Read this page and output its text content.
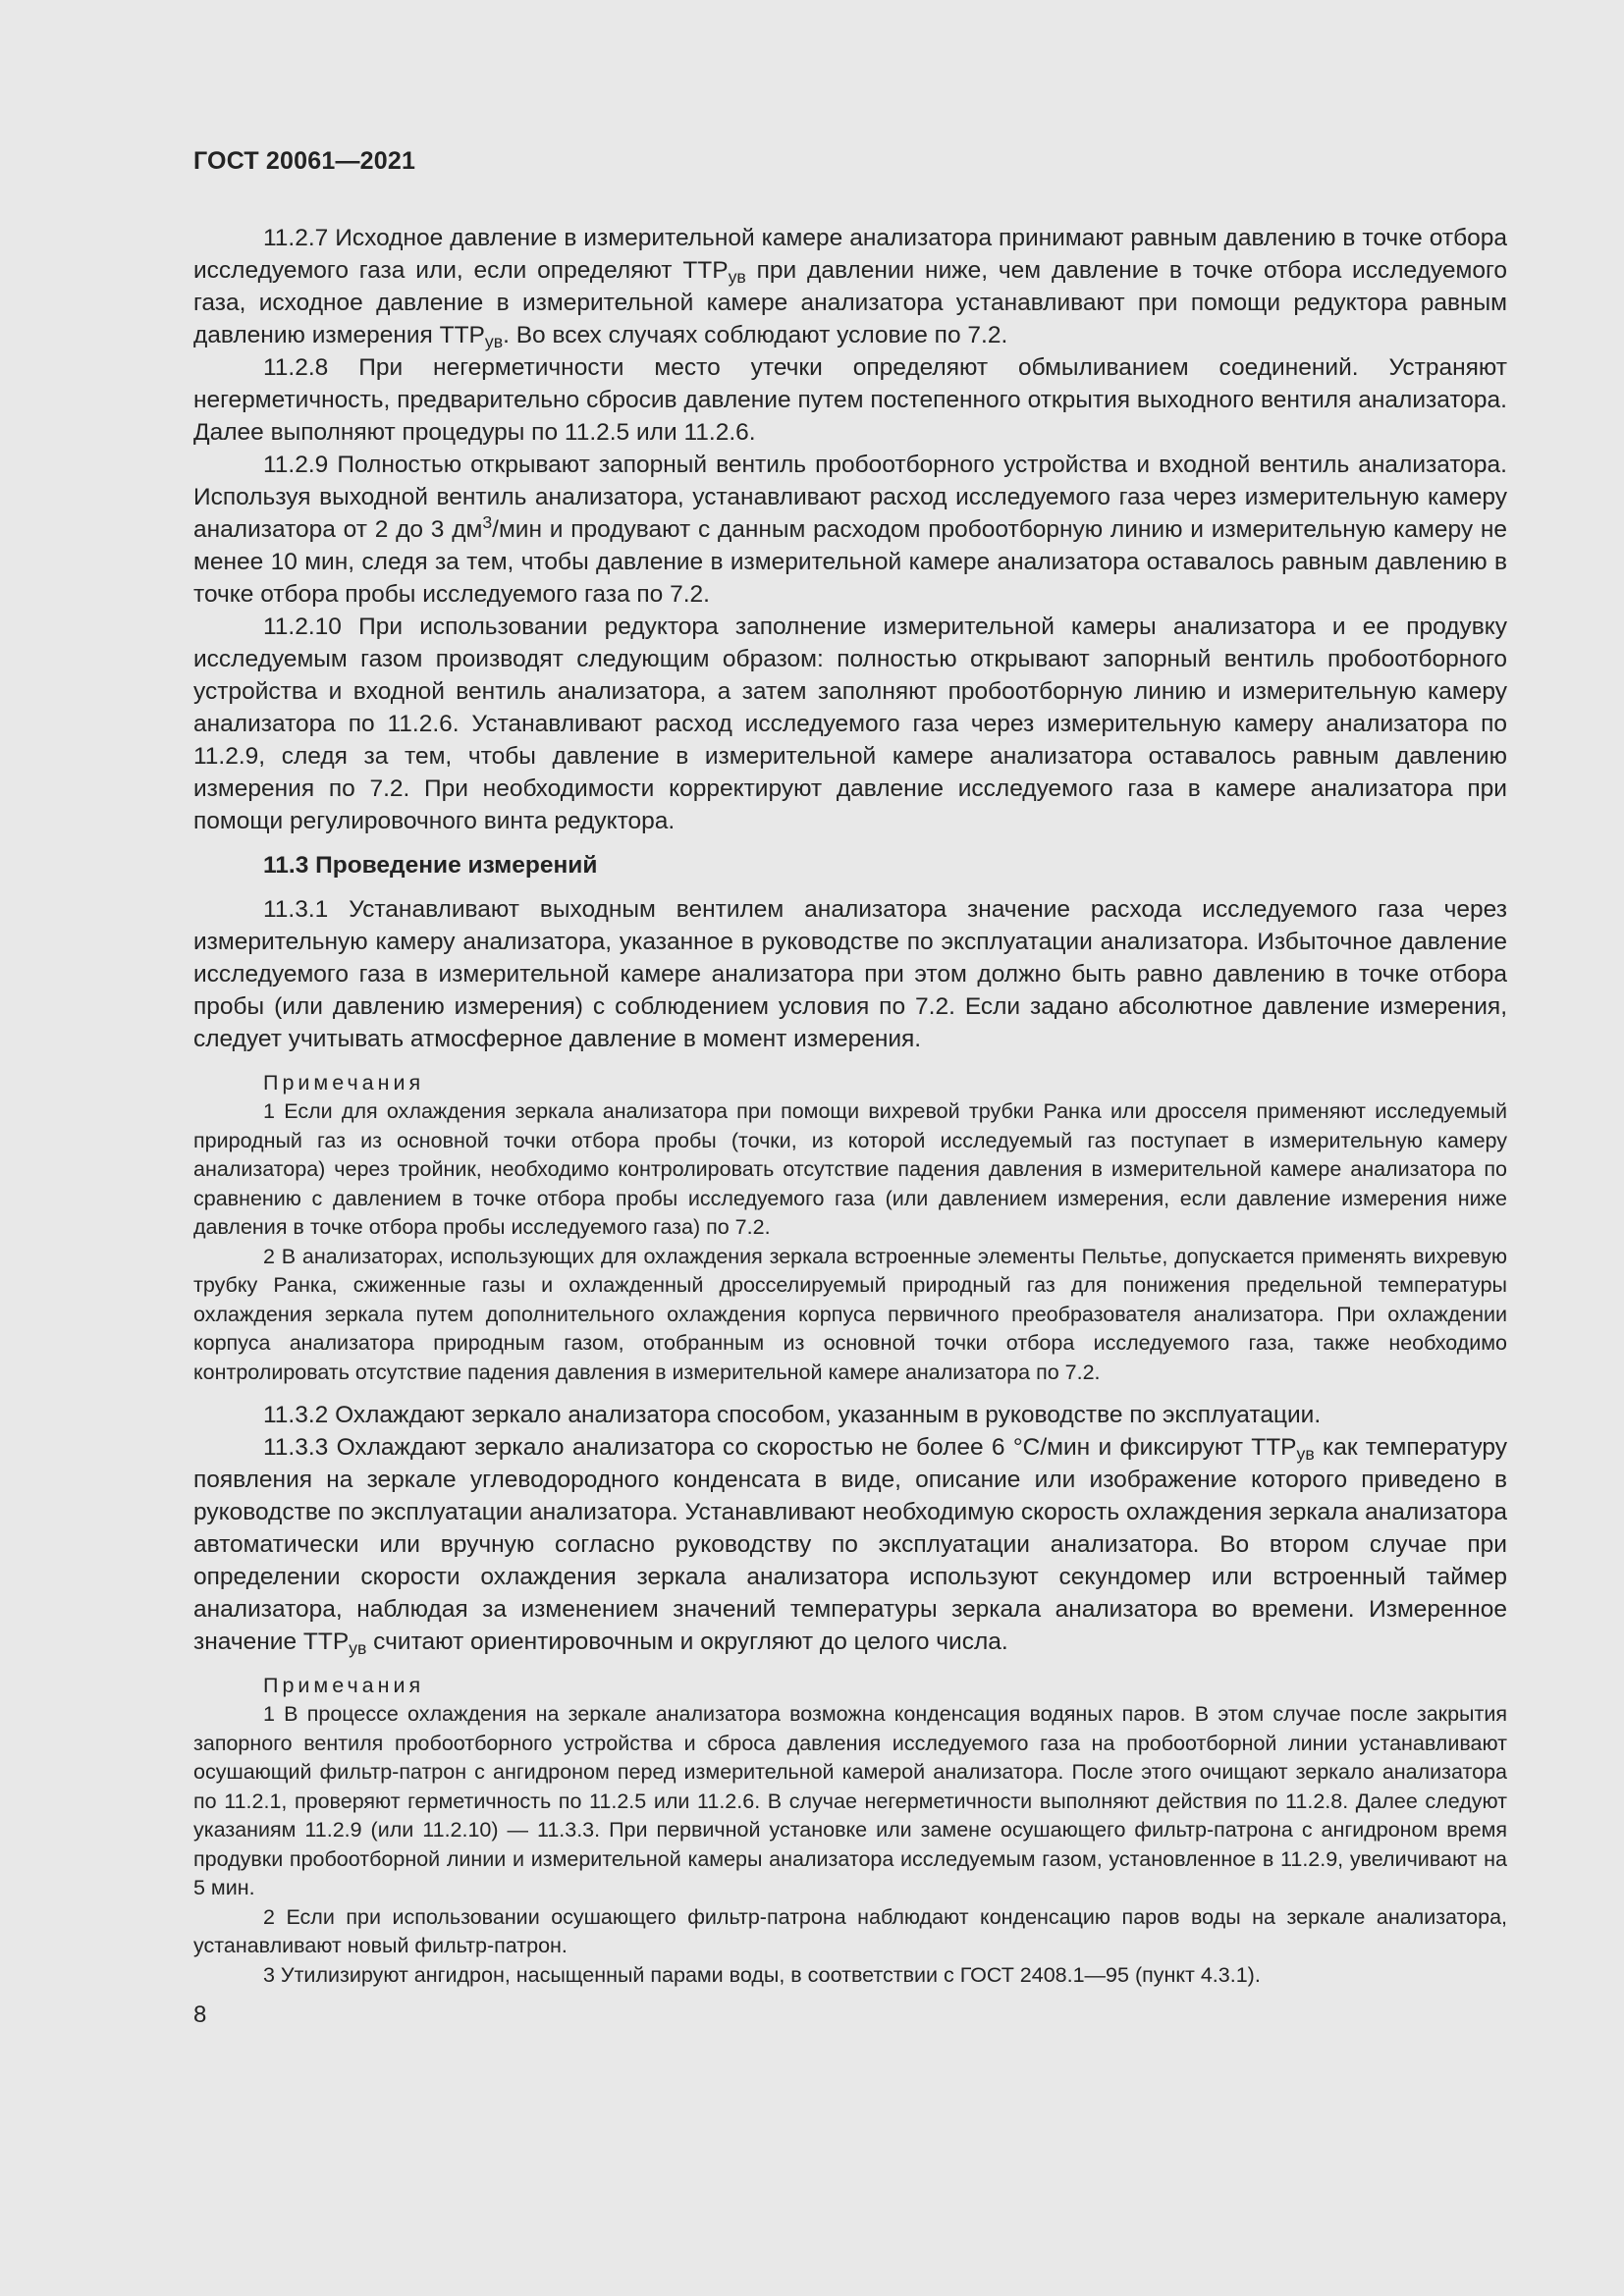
ГОСТ 20061—2021

11.2.7 Исходное давление в измерительной камере анализатора принимают равным давлению в точке отбора исследуемого газа или, если определяют $ТТР_{ув}$ при давлении ниже, чем давление в точке отбора исследуемого газа, исходное давление в измерительной камере анализатора устанавливают при помощи редуктора равным давлению измерения $ТТР_{ув}$. Во всех случаях соблюдают условие по 7.2.

11.2.8 При негерметичности место утечки определяют обмыливанием соединений. Устраняют негерметичность, предварительно сбросив давление путем постепенного открытия выходного вентиля анализатора. Далее выполняют процедуры по 11.2.5 или 11.2.6.

11.2.9 Полностью открывают запорный вентиль пробоотборного устройства и входной вентиль анализатора. Используя выходной вентиль анализатора, устанавливают расход исследуемого газа через измерительную камеру анализатора от 2 до 3 $дм^3$/мин и продувают с данным расходом пробоотборную линию и измерительную камеру не менее 10 мин, следя за тем, чтобы давление в измерительной камере анализатора оставалось равным давлению в точке отбора пробы исследуемого газа по 7.2.

11.2.10 При использовании редуктора заполнение измерительной камеры анализатора и ее продувку исследуемым газом производят следующим образом: полностью открывают запорный вентиль пробоотборного устройства и входной вентиль анализатора, а затем заполняют пробоотборную линию и измерительную камеру анализатора по 11.2.6. Устанавливают расход исследуемого газа через измерительную камеру анализатора по 11.2.9, следя за тем, чтобы давление в измерительной камере анализатора оставалось равным давлению измерения по 7.2. При необходимости корректируют давление исследуемого газа в камере анализатора при помощи регулировочного винта редуктора.

11.3 Проведение измерений

11.3.1 Устанавливают выходным вентилем анализатора значение расхода исследуемого газа через измерительную камеру анализатора, указанное в руководстве по эксплуатации анализатора. Избыточное давление исследуемого газа в измерительной камере анализатора при этом должно быть равно давлению в точке отбора пробы (или давлению измерения) с соблюдением условия по 7.2. Если задано абсолютное давление измерения, следует учитывать атмосферное давление в момент измерения.

Примечания

1 Если для охлаждения зеркала анализатора при помощи вихревой трубки Ранка или дросселя применяют исследуемый природный газ из основной точки отбора пробы (точки, из которой исследуемый газ поступает в измерительную камеру анализатора) через тройник, необходимо контролировать отсутствие падения давления в измерительной камере анализатора по сравнению с давлением в точке отбора пробы исследуемого газа (или давлением измерения, если давление измерения ниже давления в точке отбора пробы исследуемого газа) по 7.2.

2 В анализаторах, использующих для охлаждения зеркала встроенные элементы Пельтье, допускается применять вихревую трубку Ранка, сжиженные газы и охлажденный дросселируемый природный газ для понижения предельной температуры охлаждения зеркала путем дополнительного охлаждения корпуса первичного преобразователя анализатора. При охлаждении корпуса анализатора природным газом, отобранным из основной точки отбора исследуемого газа, также необходимо контролировать отсутствие падения давления в измерительной камере анализатора по 7.2.

11.3.2 Охлаждают зеркало анализатора способом, указанным в руководстве по эксплуатации.

11.3.3 Охлаждают зеркало анализатора со скоростью не более 6 °С/мин и фиксируют $ТТР_{ув}$ как температуру появления на зеркале углеводородного конденсата в виде, описание или изображение которого приведено в руководстве по эксплуатации анализатора. Устанавливают необходимую скорость охлаждения зеркала анализатора автоматически или вручную согласно руководству по эксплуатации анализатора. Во втором случае при определении скорости охлаждения зеркала анализатора используют секундомер или встроенный таймер анализатора, наблюдая за изменением значений температуры зеркала анализатора во времени. Измеренное значение $ТТР_{ув}$ считают ориентировочным и округляют до целого числа.

Примечания

1 В процессе охлаждения на зеркале анализатора возможна конденсация водяных паров. В этом случае после закрытия запорного вентиля пробоотборного устройства и сброса давления исследуемого газа на пробоотборной линии устанавливают осушающий фильтр-патрон с ангидроном перед измерительной камерой анализатора. После этого очищают зеркало анализатора по 11.2.1, проверяют герметичность по 11.2.5 или 11.2.6. В случае негерметичности выполняют действия по 11.2.8. Далее следуют указаниям 11.2.9 (или 11.2.10) — 11.3.3. При первичной установке или замене осушающего фильтр-патрона с ангидроном время продувки пробоотборной линии и измерительной камеры анализатора исследуемым газом, установленное в 11.2.9, увеличивают на 5 мин.

2 Если при использовании осушающего фильтр-патрона наблюдают конденсацию паров воды на зеркале анализатора, устанавливают новый фильтр-патрон.

3 Утилизируют ангидрон, насыщенный парами воды, в соответствии с ГОСТ 2408.1—95 (пункт 4.3.1).

8
